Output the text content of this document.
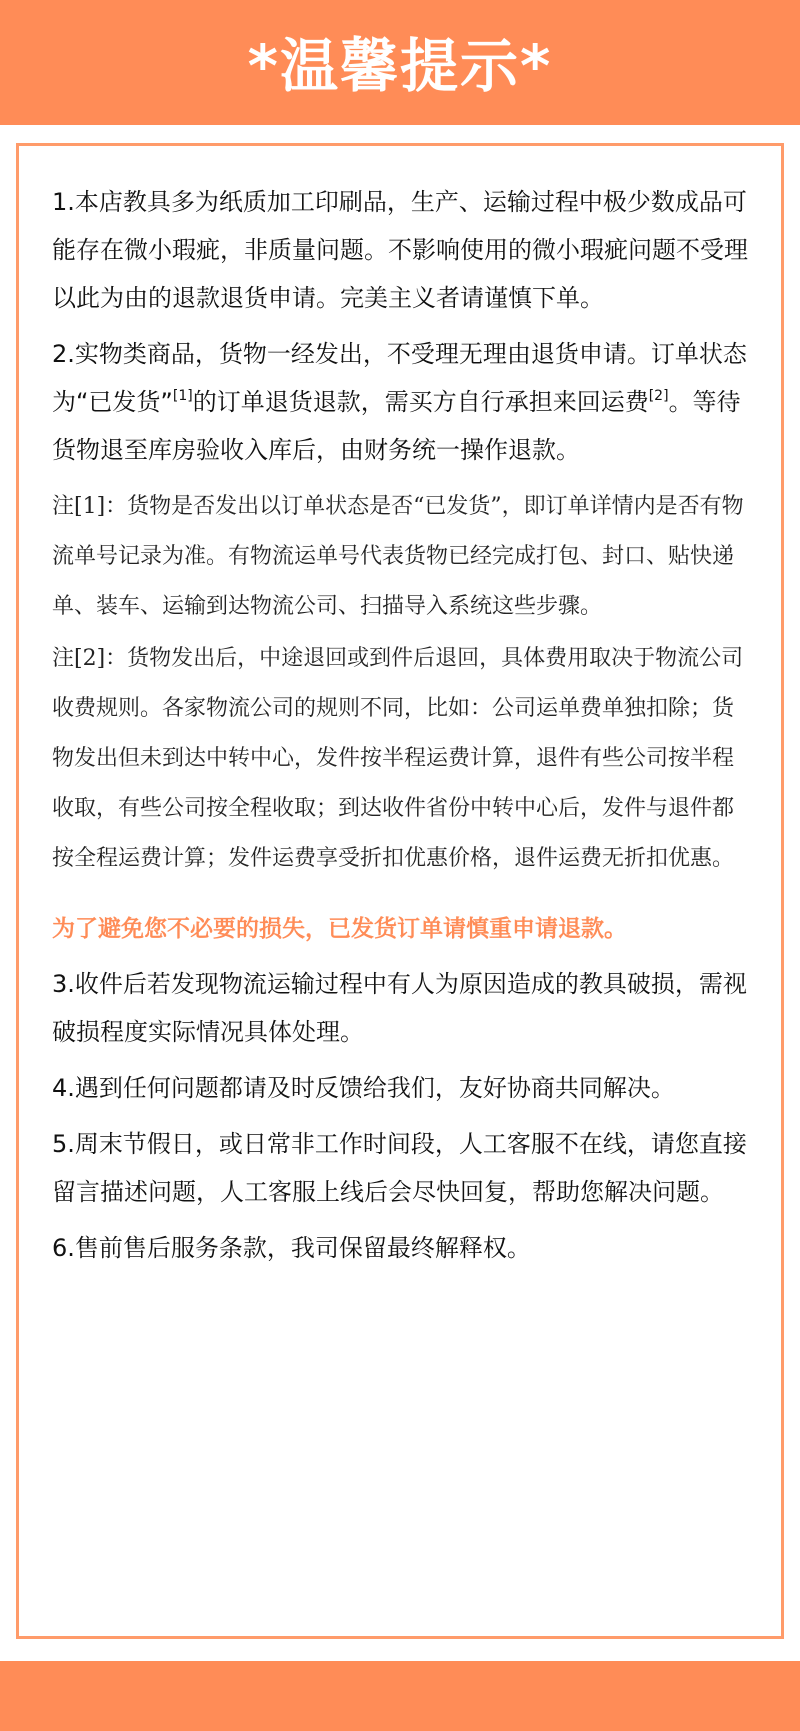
*温馨提示*

1.本店教具多为纸质加工印刷品，生产、运输过程中极少数成品可能存在微小瑕疵，非质量问题。不影响使用的微小瑕疵问题不受理以此为由的退款退货申请。完美主义者请谨慎下单。

2.实物类商品，货物一经发出，不受理无理由退货申请。订单状态为“已发货”[1]的订单退货退款，需买方自行承担来回运费[2]。等待货物退至库房验收入库后，由财务统一操作退款。

注[1]：货物是否发出以订单状态是否“已发货”，即订单详情内是否有物流单号记录为准。有物流运单号代表货物已经完成打包、封口、贴快递单、装车、运输到达物流公司、扫描导入系统这些步骤。

注[2]：货物发出后，中途退回或到件后退回，具体费用取决于物流公司收费规则。各家物流公司的规则不同，比如：公司运单费单独扣除；货物发出但未到达中转中心，发件按半程运费计算，退件有些公司按半程收取，有些公司按全程收取；到达收件省份中转中心后，发件与退件都按全程运费计算；发件运费享受折扣优惠价格，退件运费无折扣优惠。

为了避免您不必要的损失，已发货订单请慎重申请退款。

3.收件后若发现物流运输过程中有人为原因造成的教具破损，需视破损程度实际情况具体处理。

4.遇到任何问题都请及时反馈给我们，友好协商共同解决。

5.周末节假日，或日常非工作时间段，人工客服不在线，请您直接留言描述问题，人工客服上线后会尽快回复，帮助您解决问题。

6.售前售后服务条款，我司保留最终解释权。
